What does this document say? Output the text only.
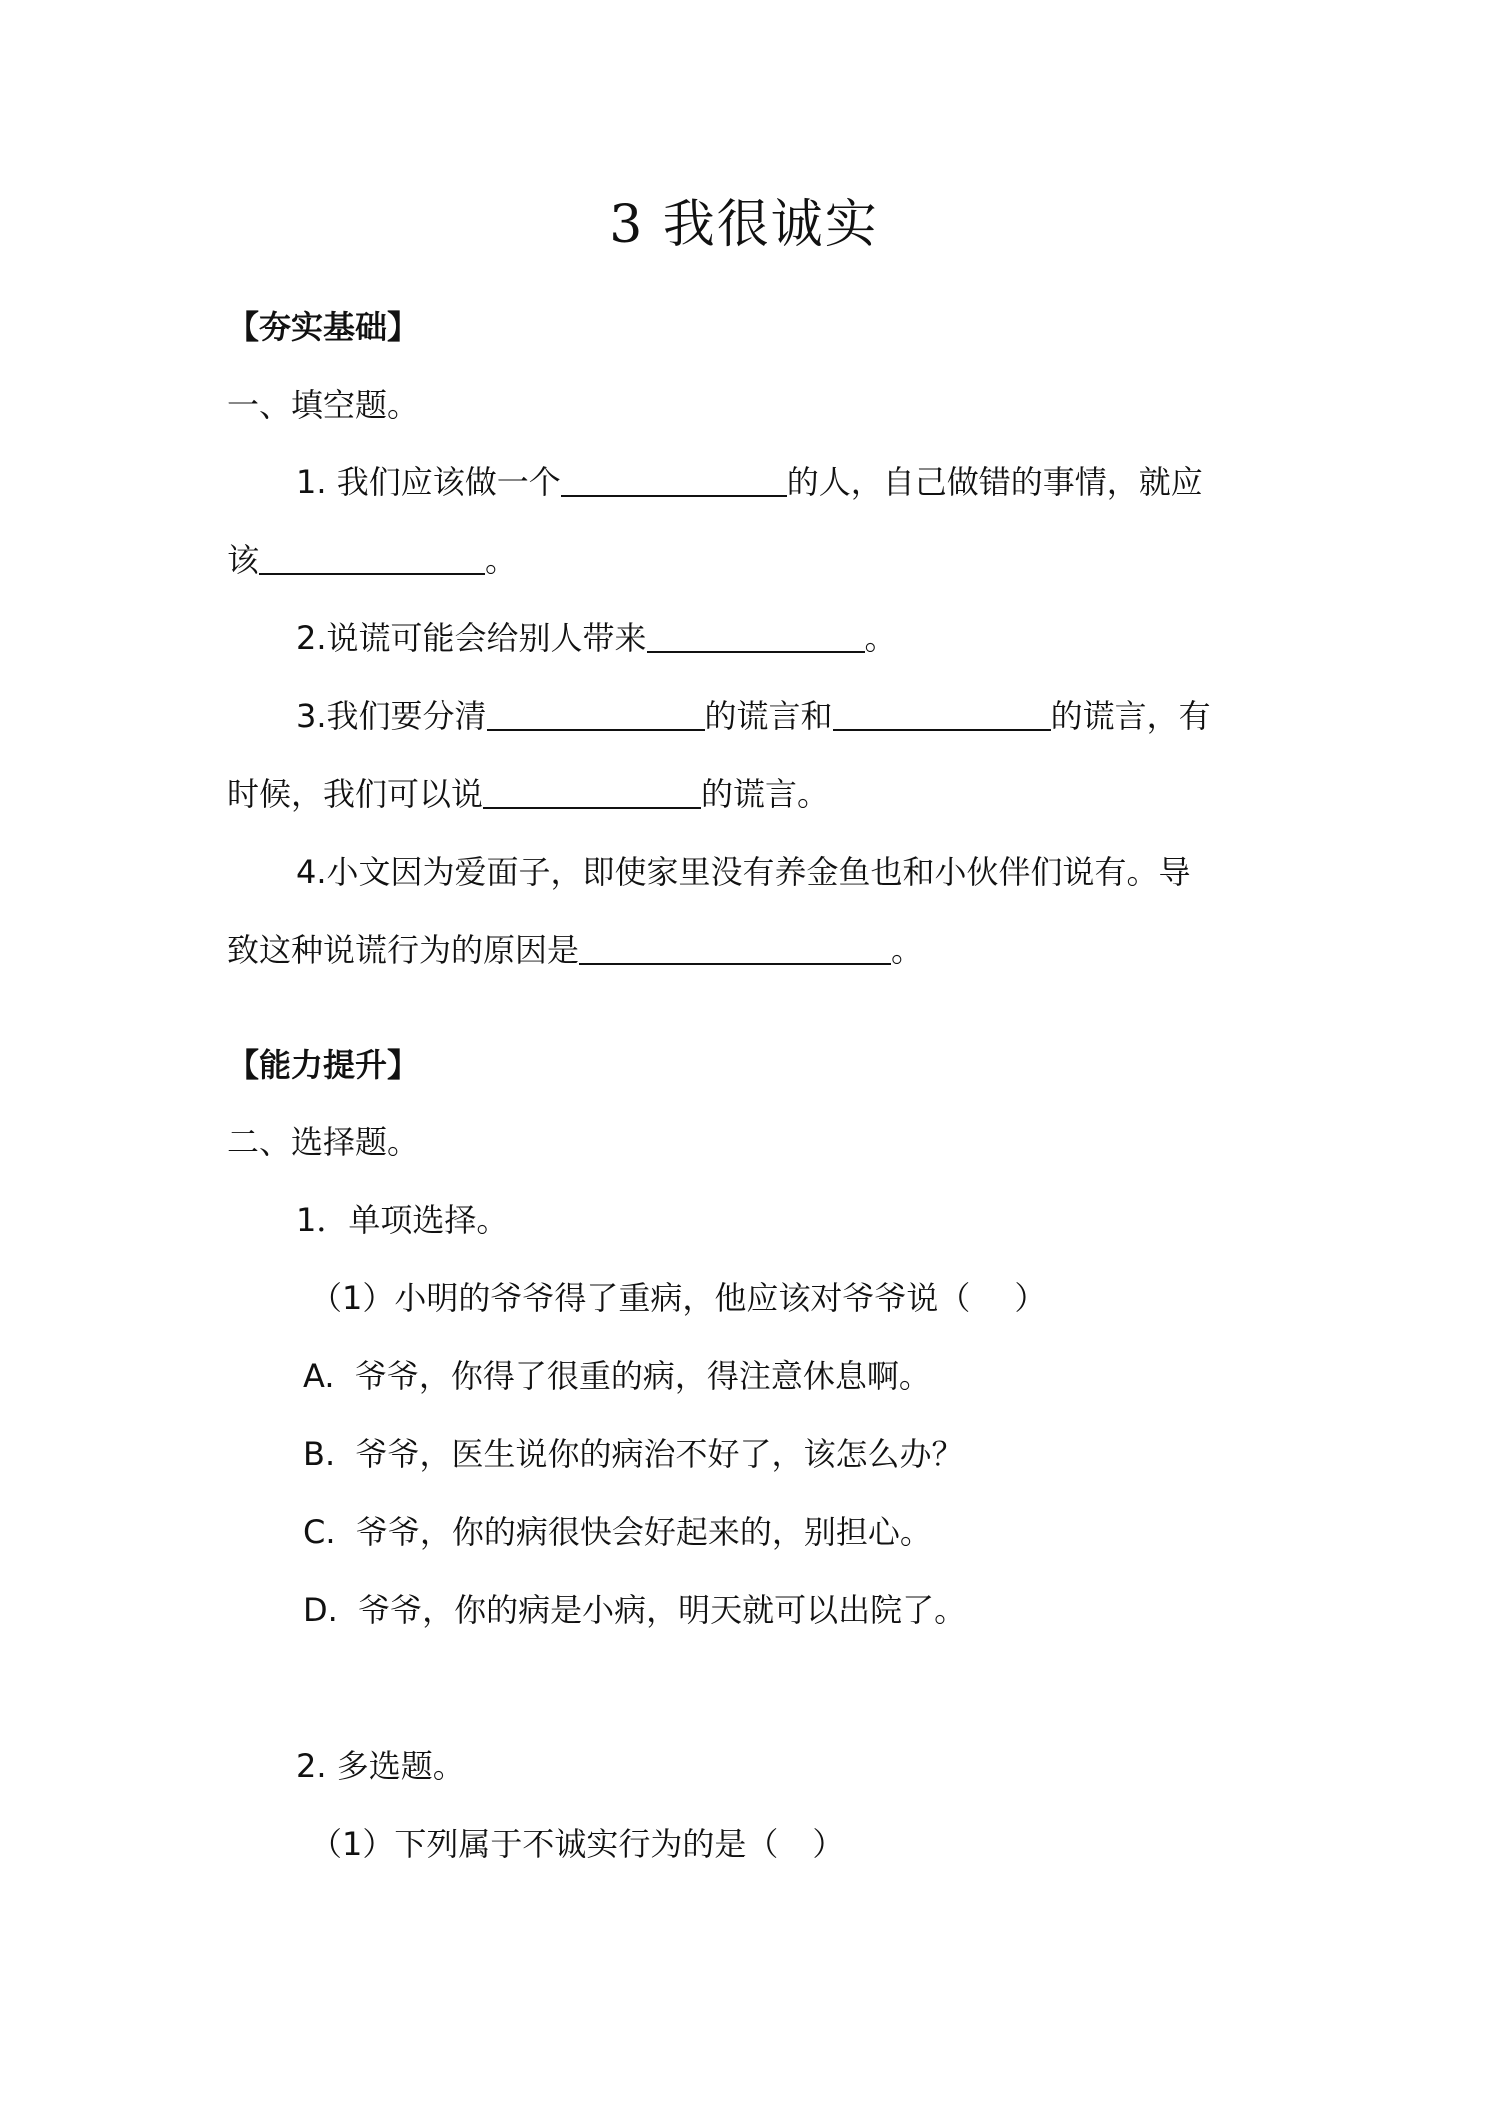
3 我很诚实
【夯实基础】
一、填空题。
1. 我们应该做一个	的人，自己做错的事情，就应
该	。
2.说谎可能会给别人带来	。
3.我们要分清	的谎言和	的谎言，有
时候，我们可以说	的谎言。
4.小文因为爱面子，即使家里没有养金鱼也和小伙伴们说有。导
致这种说谎行为的原因是	。
【能力提升】
二、选择题。
1．单项选择。
（1）小明的爷爷得了重病，他应该对爷爷说（ ）
A. 爷爷，你得了很重的病，得注意休息啊。
B. 爷爷，医生说你的病治不好了，该怎么办？
C. 爷爷，你的病很快会好起来的，别担心。
D. 爷爷，你的病是小病，明天就可以出院了。
2. 多选题。
（1）下列属于不诚实行为的是（ ）
